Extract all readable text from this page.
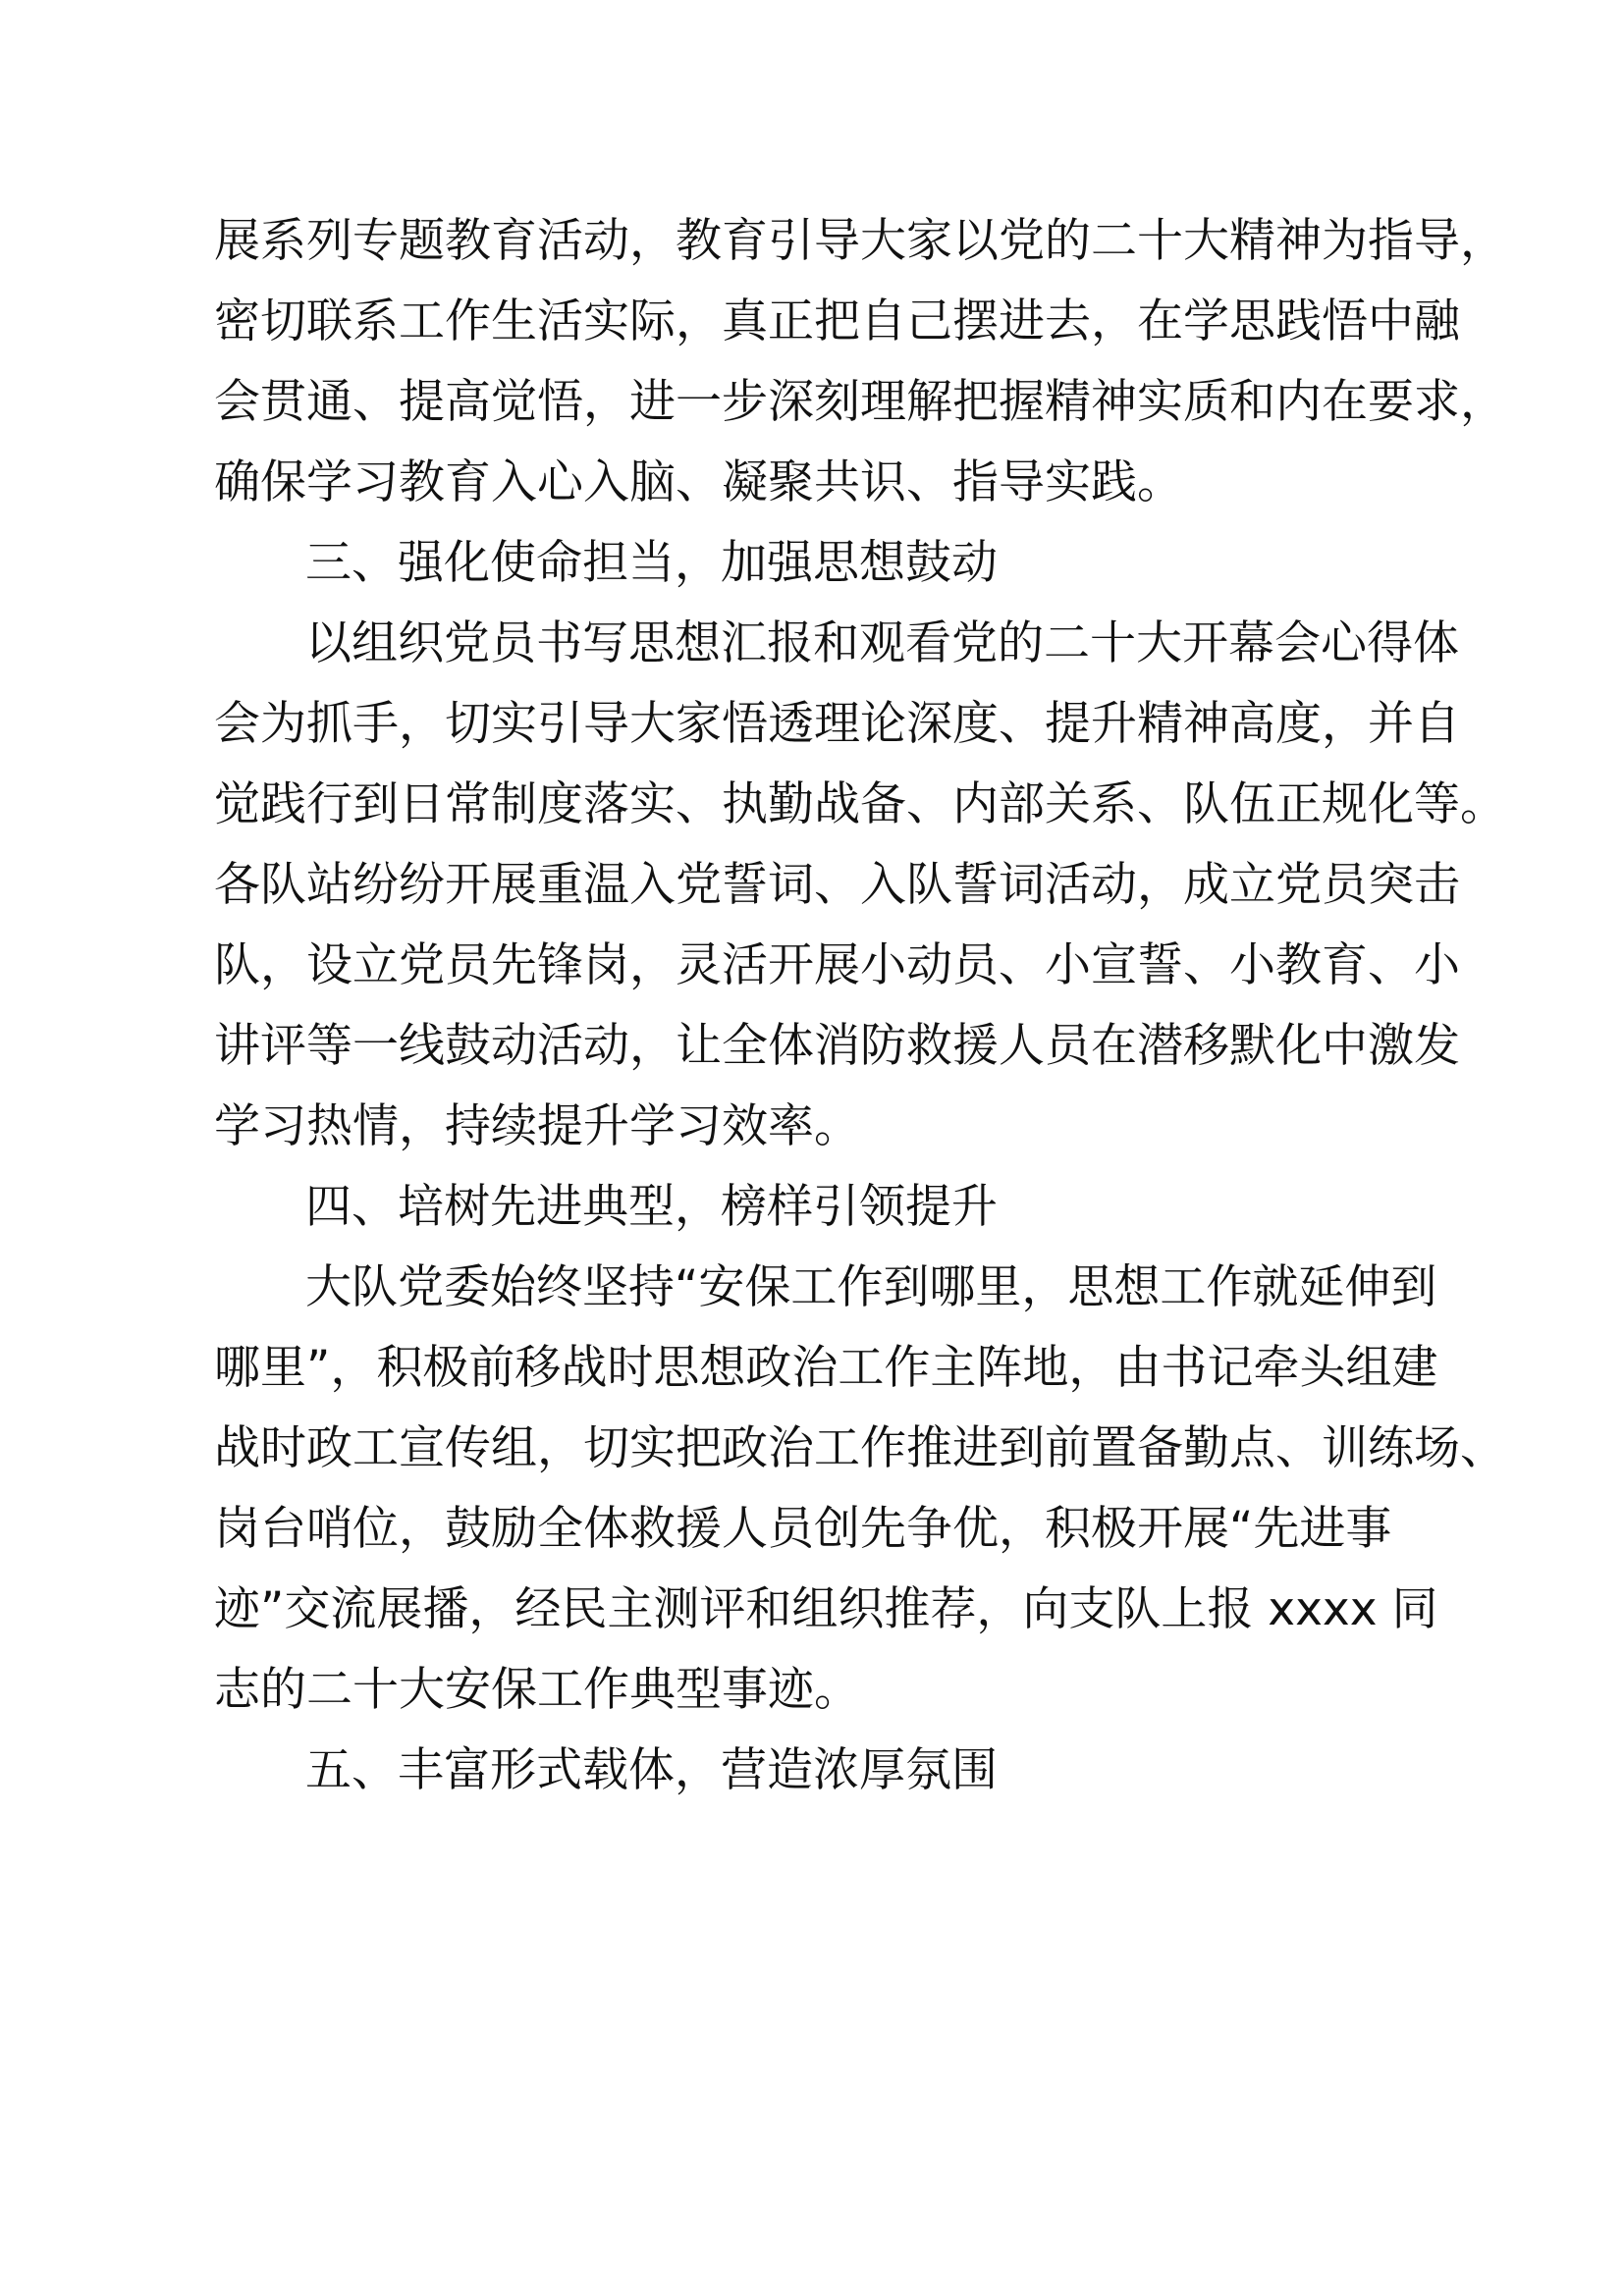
展系列专题教育活动，教育引导大家以党的二十大精神为指导，
密切联系工作生活实际，真正把自己摆进去，在学思践悟中融
会贯通、提高觉悟，进一步深刻理解把握精神实质和内在要求，
确保学习教育入心入脑、凝聚共识、指导实践。
三、强化使命担当，加强思想鼓动
以组织党员书写思想汇报和观看党的二十大开幕会心得体
会为抓手，切实引导大家悟透理论深度、提升精神高度，并自
觉践行到日常制度落实、执勤战备、内部关系、队伍正规化等。
各队站纷纷开展重温入党誓词、入队誓词活动，成立党员突击
队，设立党员先锋岗，灵活开展小动员、小宣誓、小教育、小
讲评等一线鼓动活动，让全体消防救援人员在潜移默化中激发
学习热情，持续提升学习效率。
四、培树先进典型，榜样引领提升
大队党委始终坚持“安保工作到哪里，思想工作就延伸到
哪里”，积极前移战时思想政治工作主阵地，由书记牵头组建
战时政工宣传组，切实把政治工作推进到前置备勤点、训练场、
岗台哨位，鼓励全体救援人员创先争优，积极开展“先进事
迹”交流展播，经民主测评和组织推荐，向支队上报 xxxx 同
志的二十大安保工作典型事迹。
五、丰富形式载体，营造浓厚氛围
